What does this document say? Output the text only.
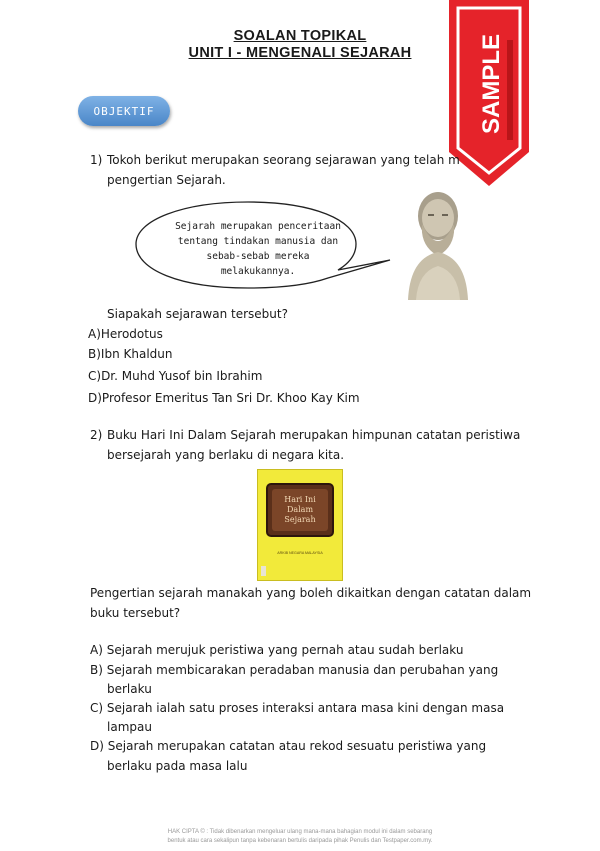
SOALAN TOPIKAL
UNIT I - MENGENALI SEJARAH	SAMPLE
OBJEKTIF
1) Tokoh berikut merupakan seorang sejarawan yang telah m
pengertian Sejarah.
Sejarah merupakan penceritaan
tentang tindakan manusia dan
sebab-sebab mereka
melakukannya.
Siapakah sejarawan tersebut?
A)Herodotus
B)Ibn Khaldun
C)Dr. Muhd Yusof bin Ibrahim
D)Profesor Emeritus Tan Sri Dr. Khoo Kay Kim
2) Buku Hari Ini Dalam Sejarah merupakan himpunan catatan peristiwa
bersejarah yang berlaku di negara kita.
Hari Ini
Dalam
Sejarah
ARKIB NEGARA MALAYSIA
Pengertian sejarah manakah yang boleh dikaitkan dengan catatan dalam
buku tersebut?
A) Sejarah merujuk peristiwa yang pernah atau sudah berlaku
B) Sejarah membicarakan peradaban manusia dan perubahan yang
berlaku
C) Sejarah ialah satu proses interaksi antara masa kini dengan masa
lampau
D) Sejarah merupakan catatan atau rekod sesuatu peristiwa yang
berlaku pada masa lalu
HAK CIPTA © : Tidak dibenarkan mengeluar ulang mana-mana bahagian modul ini dalam sebarang
bentuk atau cara sekalipun tanpa kebenaran bertulis daripada pihak Penulis dan Testpaper.com.my.
